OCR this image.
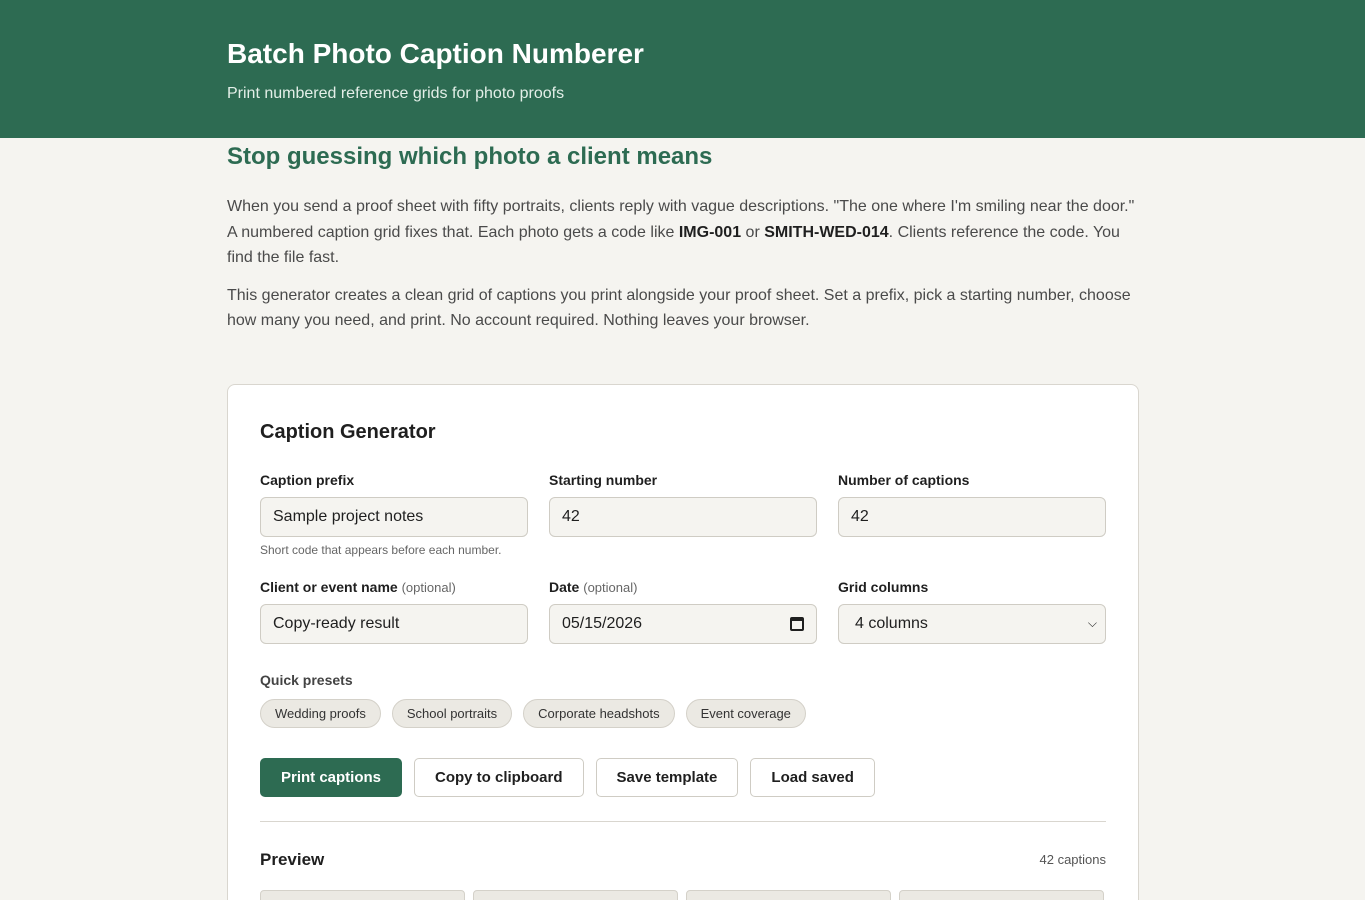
Batch Photo Caption Numberer

Print numbered reference grids for photo proofs

Stop guessing which photo a client means

When you send a proof sheet with fifty portraits, clients reply with vague descriptions. "The one where I'm smiling near the door." A numbered caption grid fixes that. Each photo gets a code like IMG-001 or SMITH-WED-014. Clients reference the code. You find the file fast.

This generator creates a clean grid of captions you print alongside your proof sheet. Set a prefix, pick a starting number, choose how many you need, and print. No account required. Nothing leaves your browser.

Caption Generator
Caption prefix
Sample project notes
Short code that appears before each number.
Starting number
42
Number of captions
42
Client or event name (optional)
Copy-ready result
Date (optional)
05/15/2026
Grid columns
4 columns	⌵
Quick presets
Wedding proofs	School portraits	Corporate headshots	Event coverage
Print captions	Copy to clipboard	Save template	Load saved
Preview	42 captions
